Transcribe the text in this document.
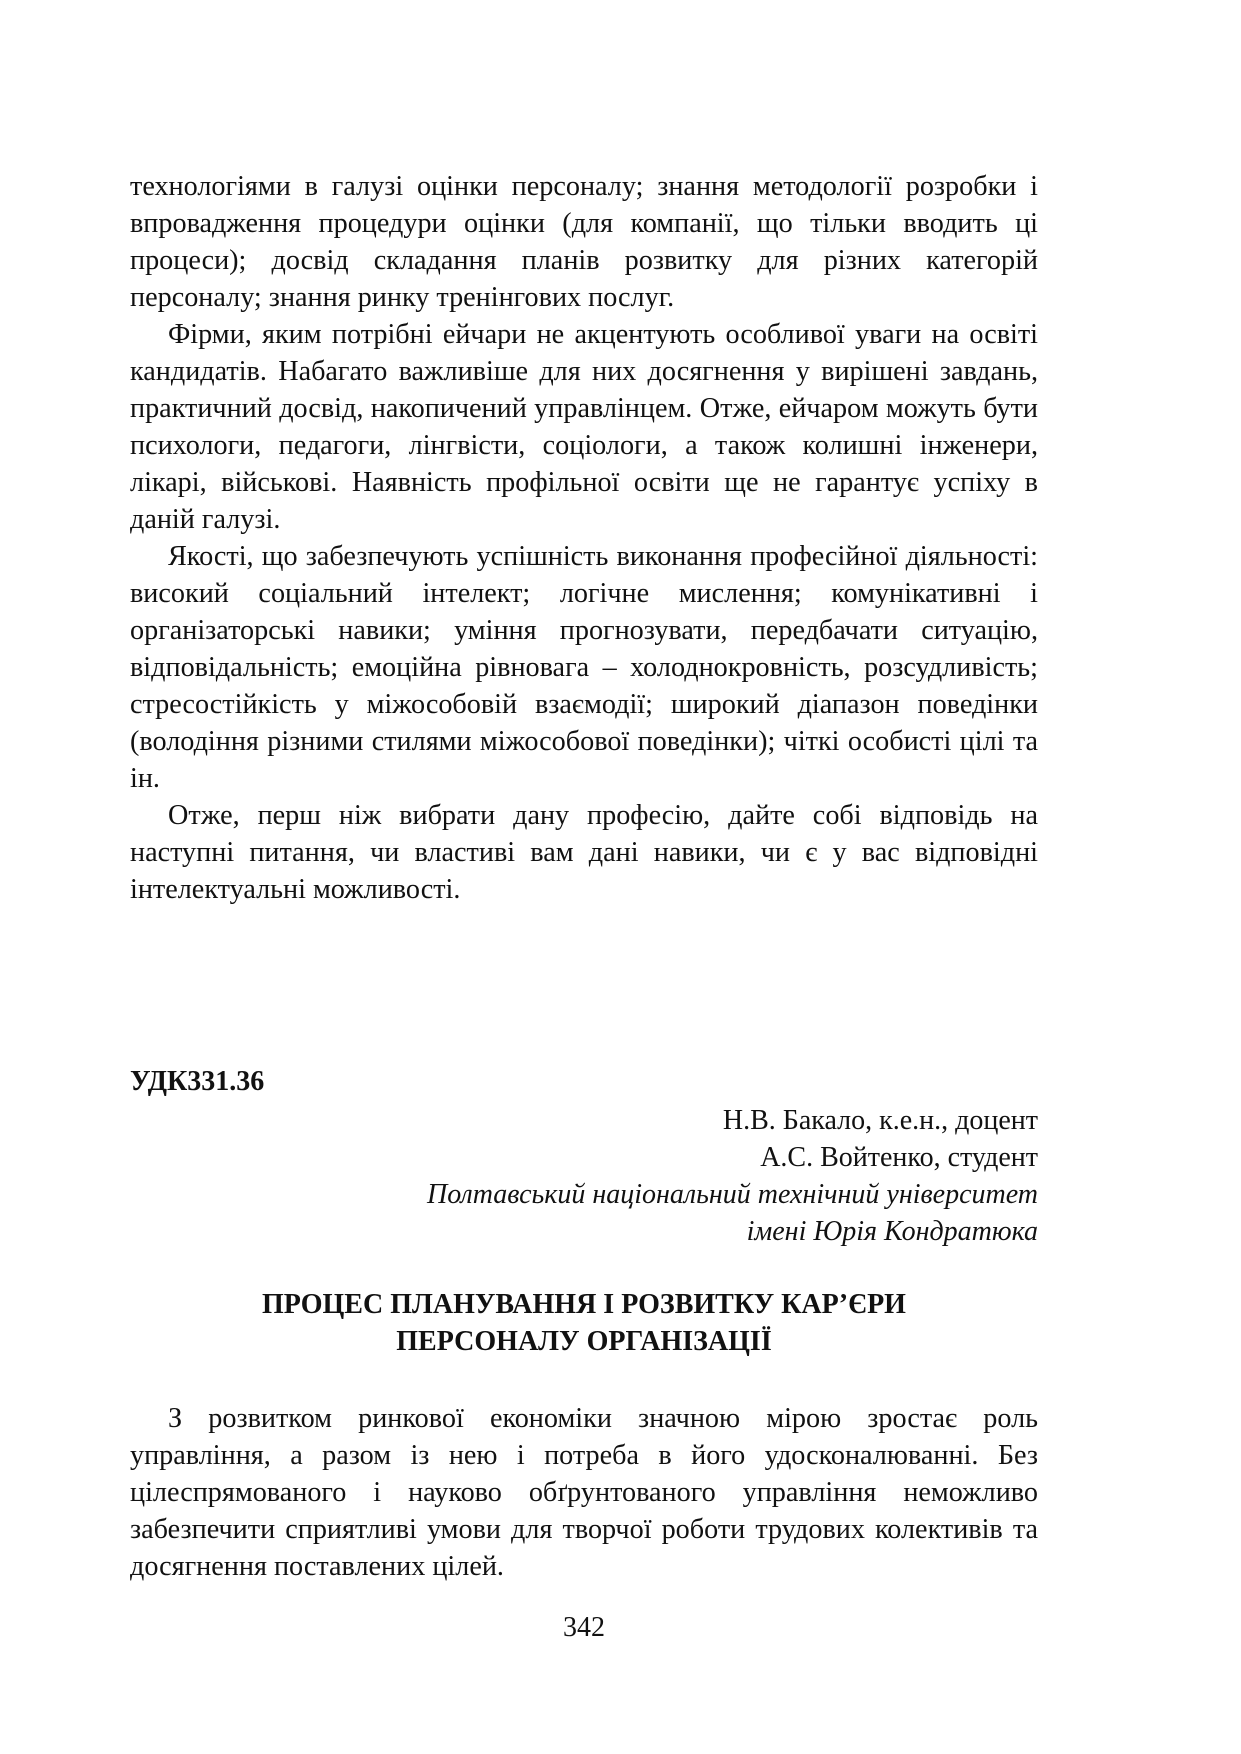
технологіями в галузі оцінки персоналу; знання методології розробки і впровадження процедури оцінки (для компанії, що тільки вводить ці процеси); досвід складання планів розвитку для різних категорій персоналу; знання ринку тренінгових послуг.

Фірми, яким потрібні ейчари не акцентують особливої уваги на освіті кандидатів. Набагато важливіше для них досягнення у вирішені завдань, практичний досвід, накопичений управлінцем. Отже, ейчаром можуть бути психологи, педагоги, лінгвісти, соціологи, а також колишні інженери, лікарі, військові. Наявність профільної освіти ще не гарантує успіху в даній галузі.

Якості, що забезпечують успішність виконання професійної діяльності: високий соціальний інтелект; логічне мислення; комунікативні і організаторські навики; уміння прогнозувати, передбачати ситуацію, відповідальність; емоційна рівновага – холоднокровність, розсудливість; стресостійкість у міжособовій взаємодії; широкий діапазон поведінки (володіння різними стилями міжособової поведінки); чіткі особисті цілі та ін.

Отже, перш ніж вибрати дану професію, дайте собі відповідь на наступні питання, чи властиві вам дані навики, чи є у вас відповідні інтелектуальні можливості.

УДК331.36
Н.В. Бакало, к.е.н., доцент
А.С. Войтенко, студент
Полтавський національний технічний університет
імені Юрія Кондратюка
ПРОЦЕС ПЛАНУВАННЯ І РОЗВИТКУ КАР’ЄРИ
ПЕРСОНАЛУ ОРГАНІЗАЦІЇ

З розвитком ринкової економіки значною мірою зростає роль управління, а разом із нею і потреба в його удосконалюванні. Без цілеспрямованого і науково обґрунтованого управління неможливо забезпечити сприятливі умови для творчої роботи трудових колективів та досягнення поставлених цілей.

342
